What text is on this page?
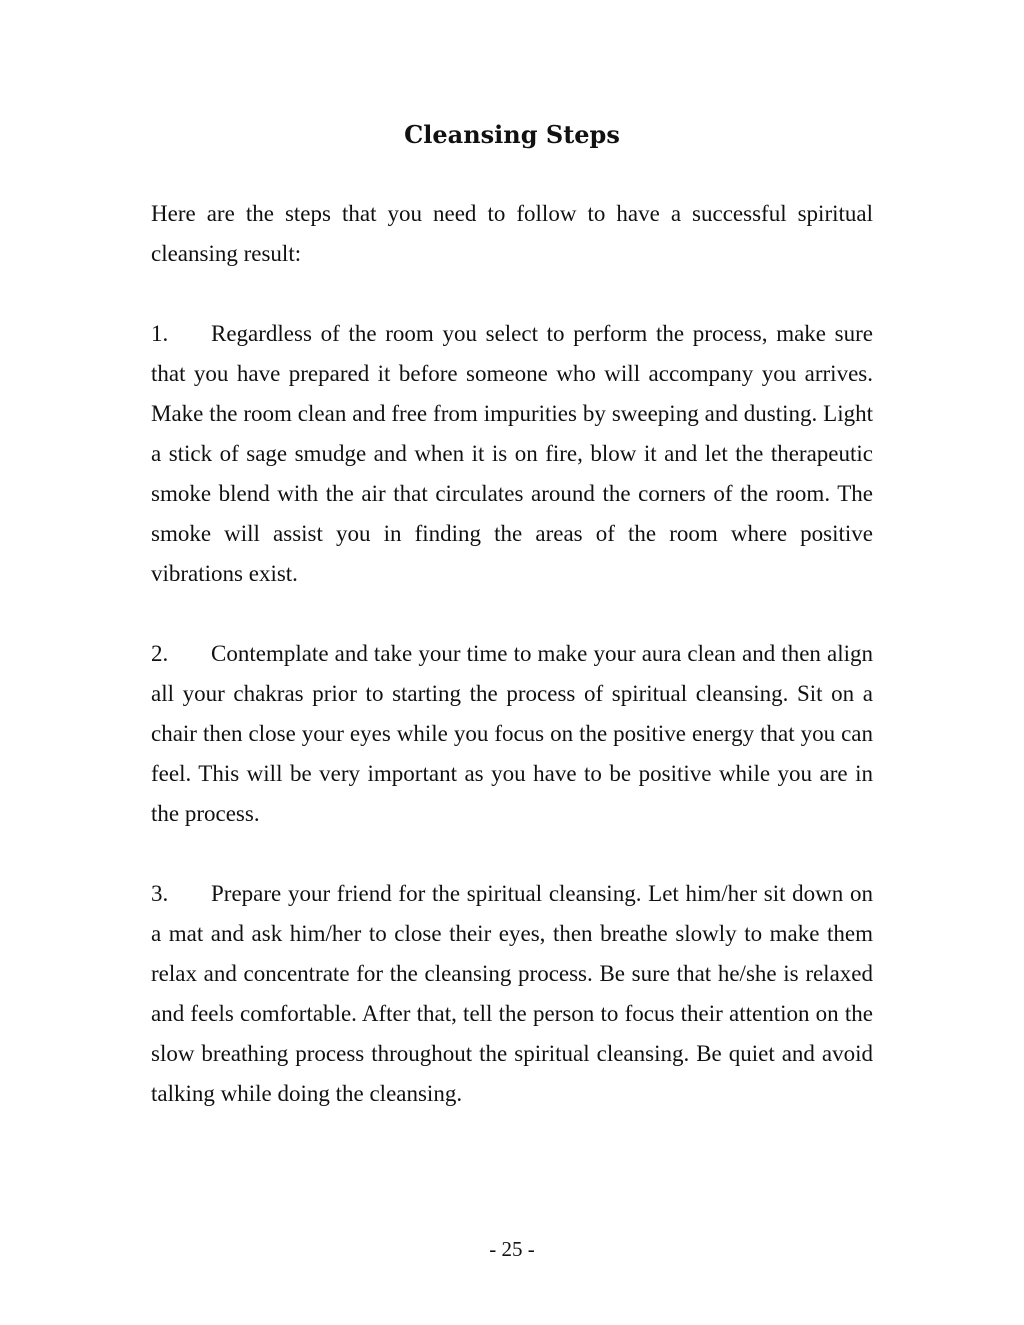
Cleansing Steps

Here are the steps that you need to follow to have a successful spiritual cleansing result:

1. Regardless of the room you select to perform the process, make sure that you have prepared it before someone who will accompany you arrives. Make the room clean and free from impurities by sweeping and dusting. Light a stick of sage smudge and when it is on fire, blow it and let the therapeutic smoke blend with the air that circulates around the corners of the room. The smoke will assist you in finding the areas of the room where positive vibrations exist.

2. Contemplate and take your time to make your aura clean and then align all your chakras prior to starting the process of spiritual cleansing. Sit on a chair then close your eyes while you focus on the positive energy that you can feel. This will be very important as you have to be positive while you are in the process.

3. Prepare your friend for the spiritual cleansing. Let him/her sit down on a mat and ask him/her to close their eyes, then breathe slowly to make them relax and concentrate for the cleansing process. Be sure that he/she is relaxed and feels comfortable. After that, tell the person to focus their attention on the slow breathing process throughout the spiritual cleansing. Be quiet and avoid talking while doing the cleansing.

- 25 -
